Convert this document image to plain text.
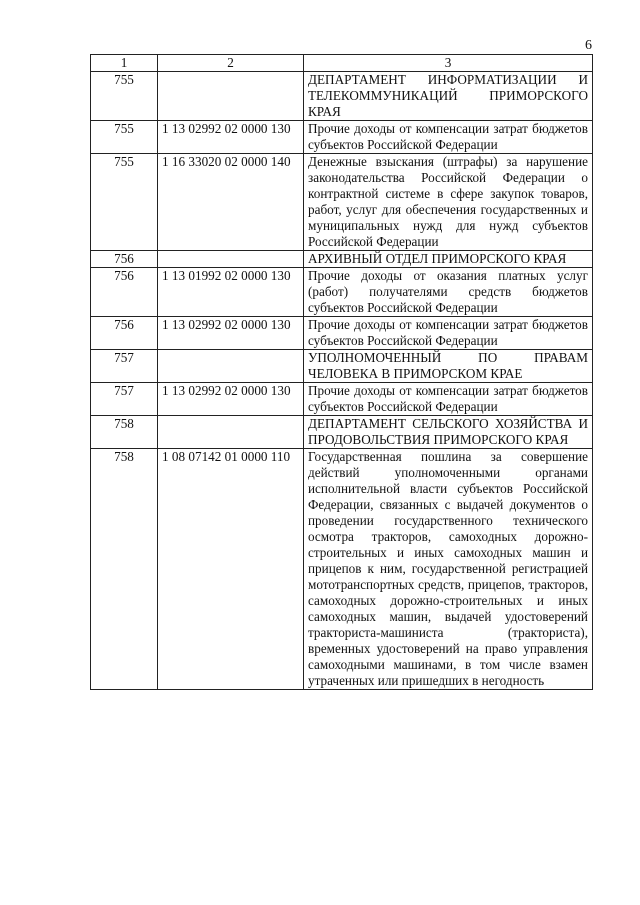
6
1	2	3
755		ДЕПАРТАМЕНТ ИНФОРМАТИЗАЦИИ И ТЕЛЕКОММУНИКАЦИЙ ПРИМОРСКОГО КРАЯ
755	1 13 02992 02 0000 130	Прочие доходы от компенсации затрат бюджетов субъектов Российской Федерации
755	1 16 33020 02 0000 140	Денежные взыскания (штрафы) за нарушение законодательства Российской Федерации о контрактной системе в сфере закупок товаров, работ, услуг для обеспечения государственных и муниципальных нужд для нужд субъектов Российской Федерации
756		АРХИВНЫЙ ОТДЕЛ ПРИМОРСКОГО КРАЯ
756	1 13 01992 02 0000 130	Прочие доходы от оказания платных услуг (работ) получателями средств бюджетов субъектов Российской Федерации
756	1 13 02992 02 0000 130	Прочие доходы от компенсации затрат бюджетов субъектов Российской Федерации
757		УПОЛНОМОЧЕННЫЙ ПО ПРАВАМ ЧЕЛОВЕКА В ПРИМОРСКОМ КРАЕ
757	1 13 02992 02 0000 130	Прочие доходы от компенсации затрат бюджетов субъектов Российской Федерации
758		ДЕПАРТАМЕНТ СЕЛЬСКОГО ХОЗЯЙСТВА И ПРОДОВОЛЬСТВИЯ ПРИМОРСКОГО КРАЯ
758	1 08 07142 01 0000 110	Государственная пошлина за совершение действий уполномоченными органами исполнительной власти субъектов Российской Федерации, связанных с выдачей документов о проведении государственного технического осмотра тракторов, самоходных дорожно-строительных и иных самоходных машин и прицепов к ним, государственной регистрацией мототранспортных средств, прицепов, тракторов, самоходных дорожно-строительных и иных самоходных машин, выдачей удостоверений тракториста-машиниста (тракториста), временных удостоверений на право управления самоходными машинами, в том числе взамен утраченных или пришедших в негодность
